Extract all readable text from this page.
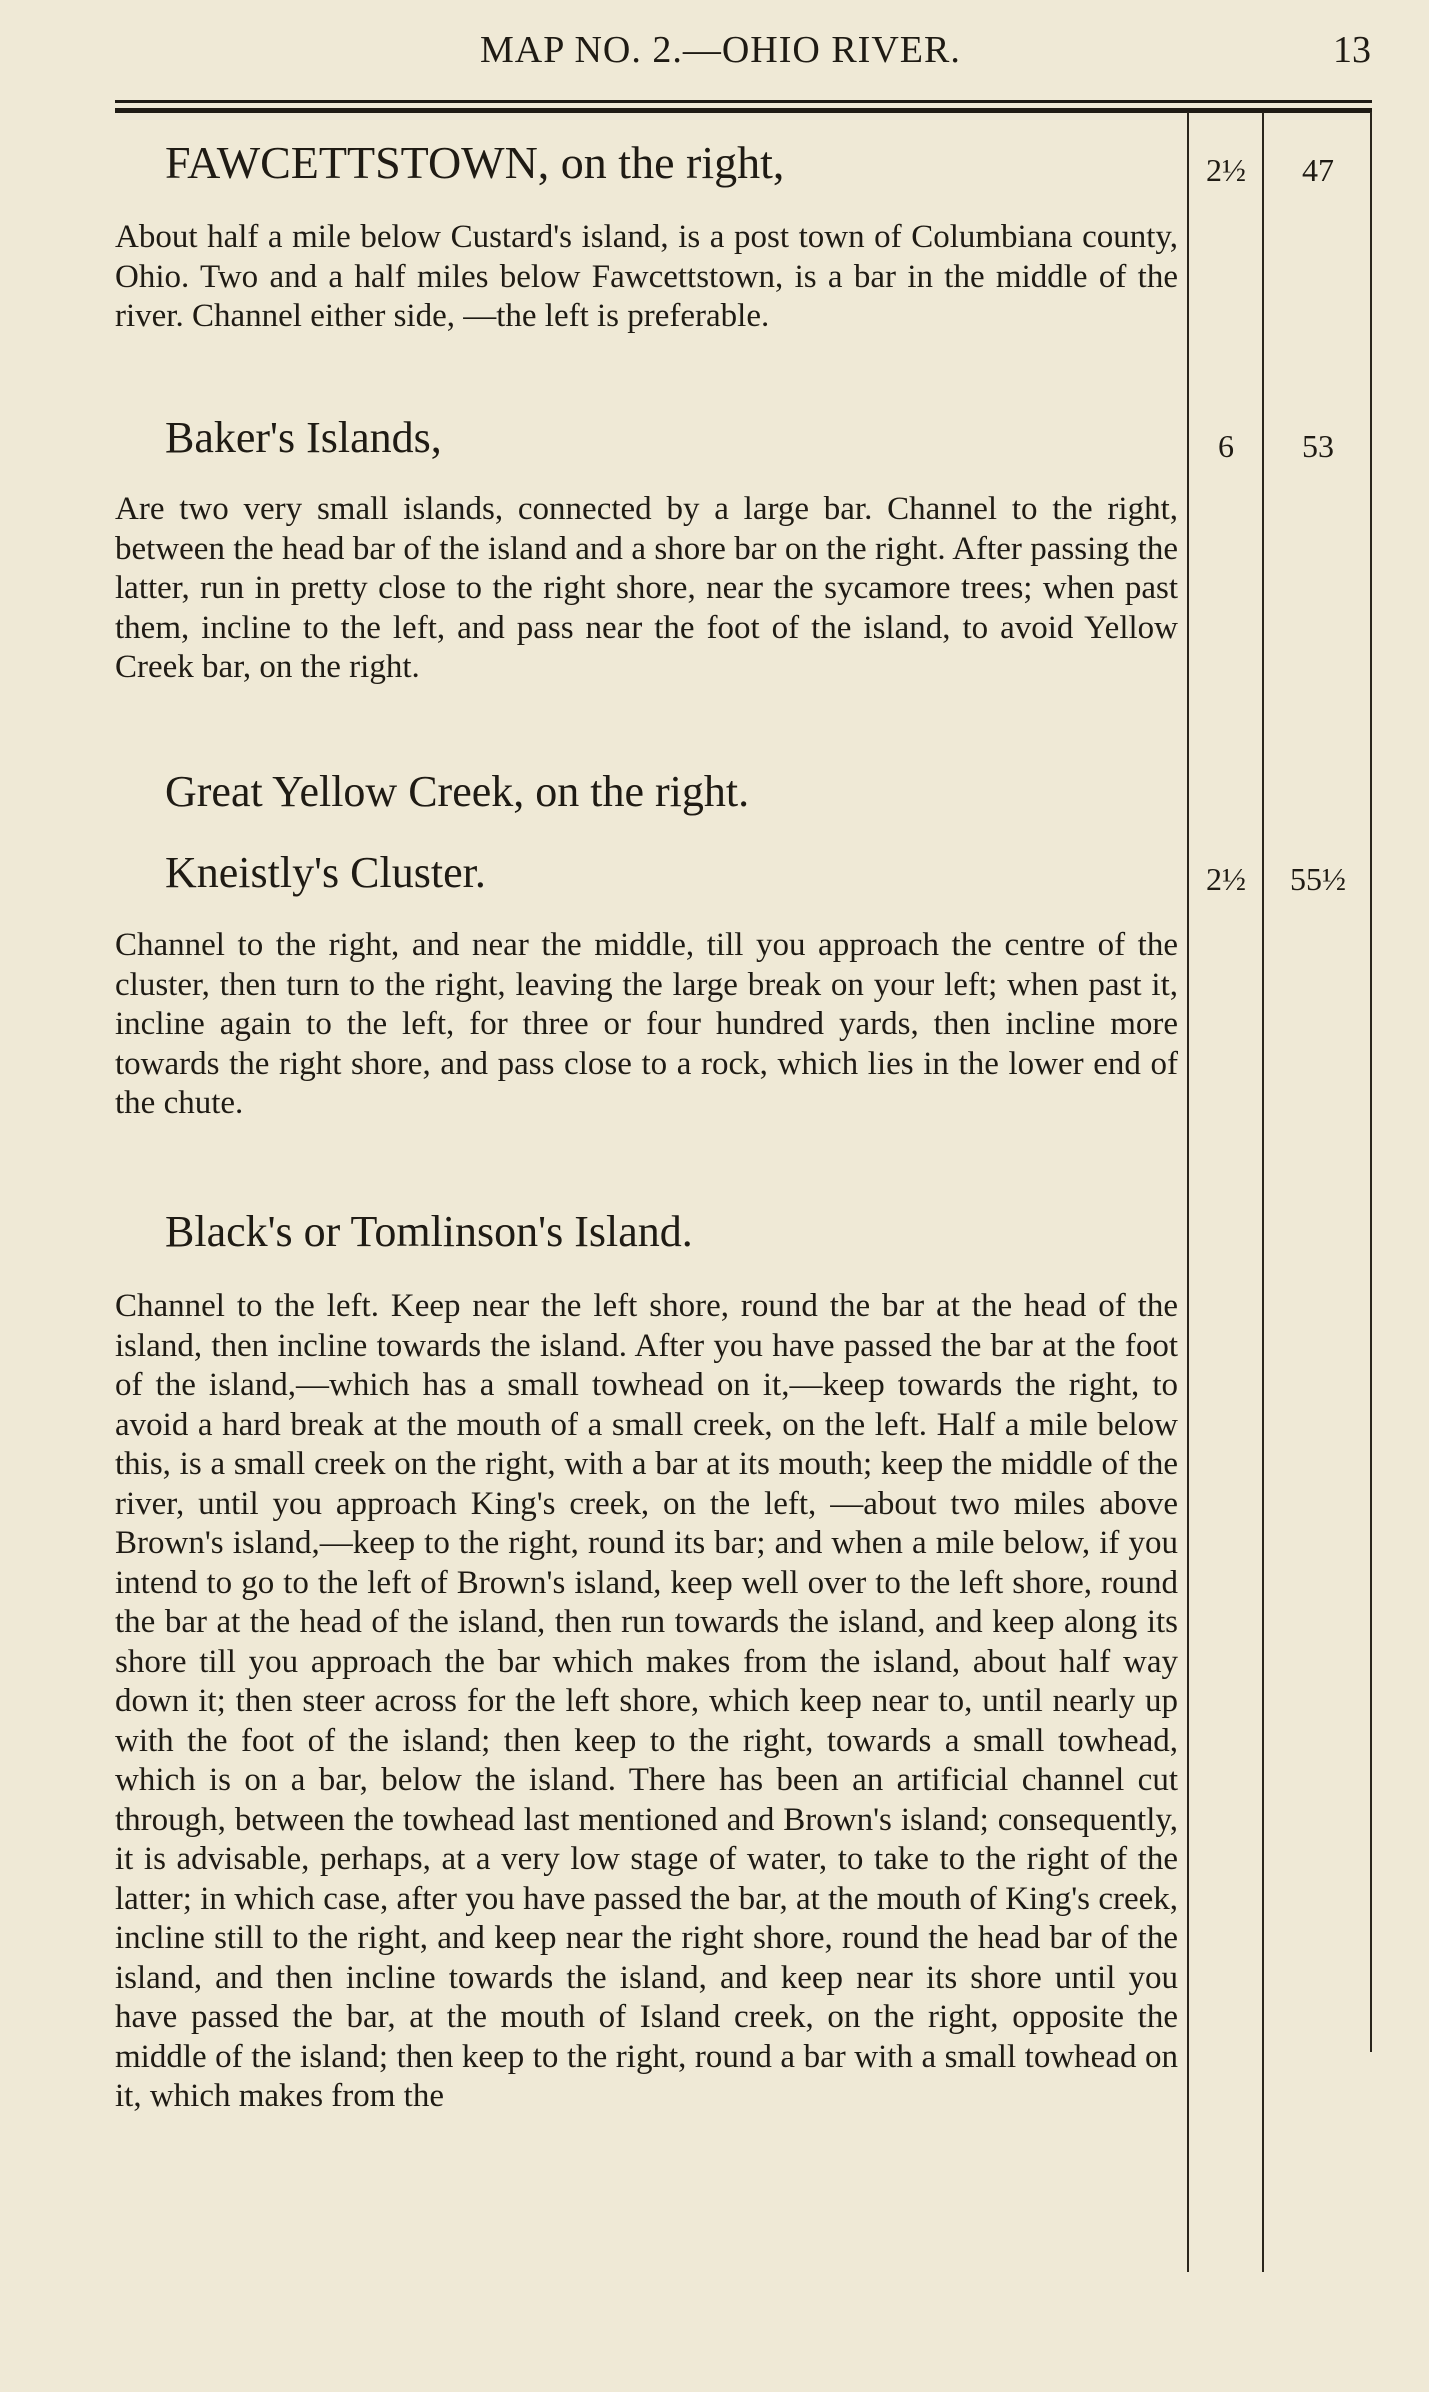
MAP NO. 2.—OHIO RIVER.	13
FAWCETTSTOWN, on the right,	2½	47
About half a mile below Custard's island, is a post town of Columbiana county, Ohio. Two and a half miles below Fawcettstown, is a bar in the middle of the river. Channel either side, —the left is preferable.
Baker's Islands,	6	53
Are two very small islands, connected by a large bar. Channel to the right, between the head bar of the island and a shore bar on the right. After passing the latter, run in pretty close to the right shore, near the sycamore trees; when past them, incline to the left, and pass near the foot of the island, to avoid Yellow Creek bar, on the right.
Great Yellow Creek, on the right.
Kneistly's Cluster.	2½	55½
Channel to the right, and near the middle, till you approach the centre of the cluster, then turn to the right, leaving the large break on your left; when past it, incline again to the left, for three or four hundred yards, then incline more towards the right shore, and pass close to a rock, which lies in the lower end of the chute.
Black's or Tomlinson's Island.
Channel to the left. Keep near the left shore, round the bar at the head of the island, then incline towards the island. After you have passed the bar at the foot of the island,—which has a small towhead on it,—keep towards the right, to avoid a hard break at the mouth of a small creek, on the left. Half a mile below this, is a small creek on the right, with a bar at its mouth; keep the middle of the river, until you approach King's creek, on the left, —about two miles above Brown's island,—keep to the right, round its bar; and when a mile below, if you intend to go to the left of Brown's island, keep well over to the left shore, round the bar at the head of the island, then run towards the island, and keep along its shore till you approach the bar which makes from the island, about half way down it; then steer across for the left shore, which keep near to, until nearly up with the foot of the island; then keep to the right, towards a small towhead, which is on a bar, below the island. There has been an artificial channel cut through, between the towhead last mentioned and Brown's island; consequently, it is advisable, perhaps, at a very low stage of water, to take to the right of the latter; in which case, after you have passed the bar, at the mouth of King's creek, incline still to the right, and keep near the right shore, round the head bar of the island, and then incline towards the island, and keep near its shore until you have passed the bar, at the mouth of Island creek, on the right, opposite the middle of the island; then keep to the right, round a bar with a small towhead on it, which makes from the
